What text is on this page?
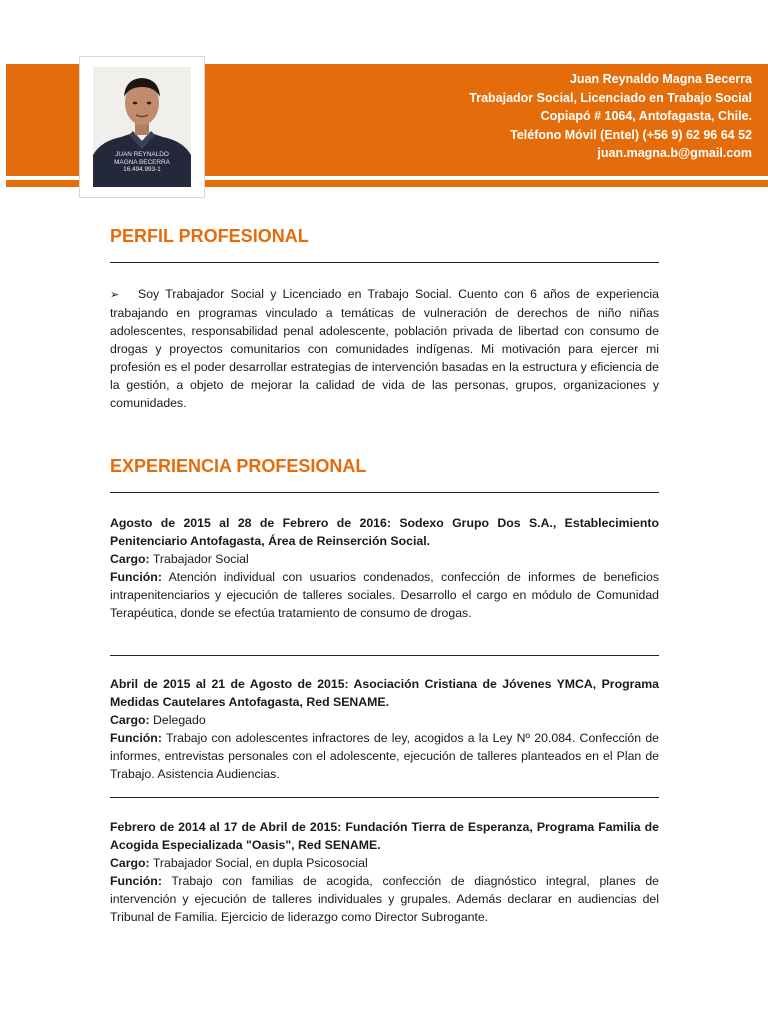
JUAN REYNALDO
MAGNA BECERRA
16.494.993-1
Juan Reynaldo Magna Becerra
Trabajador Social, Licenciado en Trabajo Social
Copiapó # 1064, Antofagasta, Chile.
Teléfono Móvil (Entel) (+56 9) 62 96 64 52
juan.magna.b@gmail.com
PERFIL PROFESIONAL

➢ Soy Trabajador Social y Licenciado en Trabajo Social. Cuento con 6 años de experiencia trabajando en programas vinculado a temáticas de vulneración de derechos de niño niñas adolescentes, responsabilidad penal adolescente, población privada de libertad con consumo de drogas y proyectos comunitarios con comunidades indígenas. Mi motivación para ejercer mi profesión es el poder desarrollar estrategias de intervención basadas en la estructura y eficiencia de la gestión, a objeto de mejorar la calidad de vida de las personas, grupos, organizaciones y comunidades.

EXPERIENCIA PROFESIONAL

Agosto de 2015 al 28 de Febrero de 2016: Sodexo Grupo Dos S.A., Establecimiento Penitenciario Antofagasta, Área de Reinserción Social.

Cargo: Trabajador Social

Función: Atención individual con usuarios condenados, confección de informes de beneficios intrapenitenciarios y ejecución de talleres sociales. Desarrollo el cargo en módulo de Comunidad Terapéutica, donde se efectúa tratamiento de consumo de drogas.

Abril de 2015 al 21 de Agosto de 2015: Asociación Cristiana de Jóvenes YMCA, Programa Medidas Cautelares Antofagasta, Red SENAME.

Cargo: Delegado

Función: Trabajo con adolescentes infractores de ley, acogidos a la Ley Nº 20.084. Confección de informes, entrevistas personales con el adolescente, ejecución de talleres planteados en el Plan de Trabajo. Asistencia Audiencias.

Febrero de 2014 al 17 de Abril de 2015: Fundación Tierra de Esperanza, Programa Familia de Acogida Especializada "Oasis", Red SENAME.

Cargo: Trabajador Social, en dupla Psicosocial

Función: Trabajo con familias de acogida, confección de diagnóstico integral, planes de intervención y ejecución de talleres individuales y grupales. Además declarar en audiencias del Tribunal de Familia. Ejercicio de liderazgo como Director Subrogante.
